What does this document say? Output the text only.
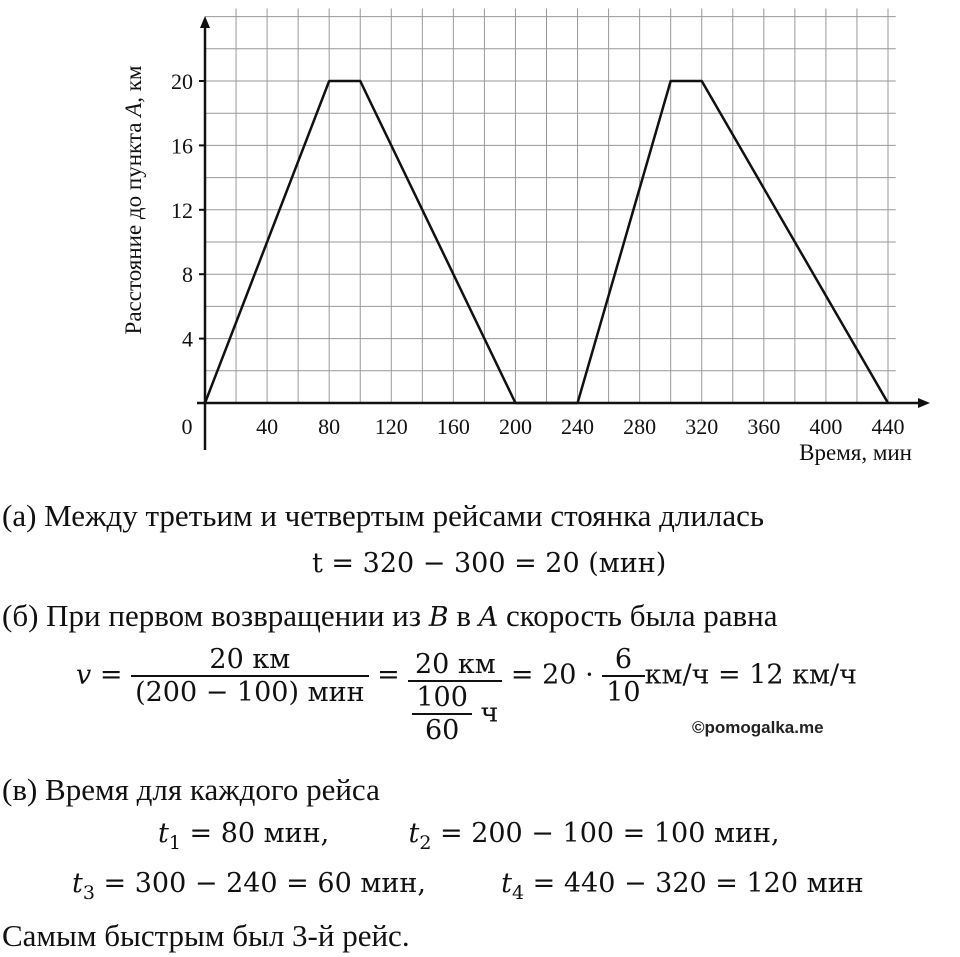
40 80 120 160 200 240 280 320 360 400 440
4
8
12
16
20
Время, мин
Расстояние до пункта A, км
0
(а) Между третьим и четвертым рейсами стоянка длилась
t = 320 − 300 = 20 (мин)
(б) При первом возвращении из B в A скорость была равна
$v = \frac{20 км}{\text{(200 − 100) мин}} = \frac{20 км}{\frac{100}{60} ч} = 20 \cdot \frac{6}{10} км/ч = 12$ км/ч
©pomogalka.me
(в) Время для каждого рейса
$t_1 = 80$ мин,	$t_2 = 200 - 100 = 100$ мин,
$t_3 = 300 - 240 = 60$ мин,	$t_4 = 440 - 320 = 120$ мин
Самым быстрым был 3-й рейс.
